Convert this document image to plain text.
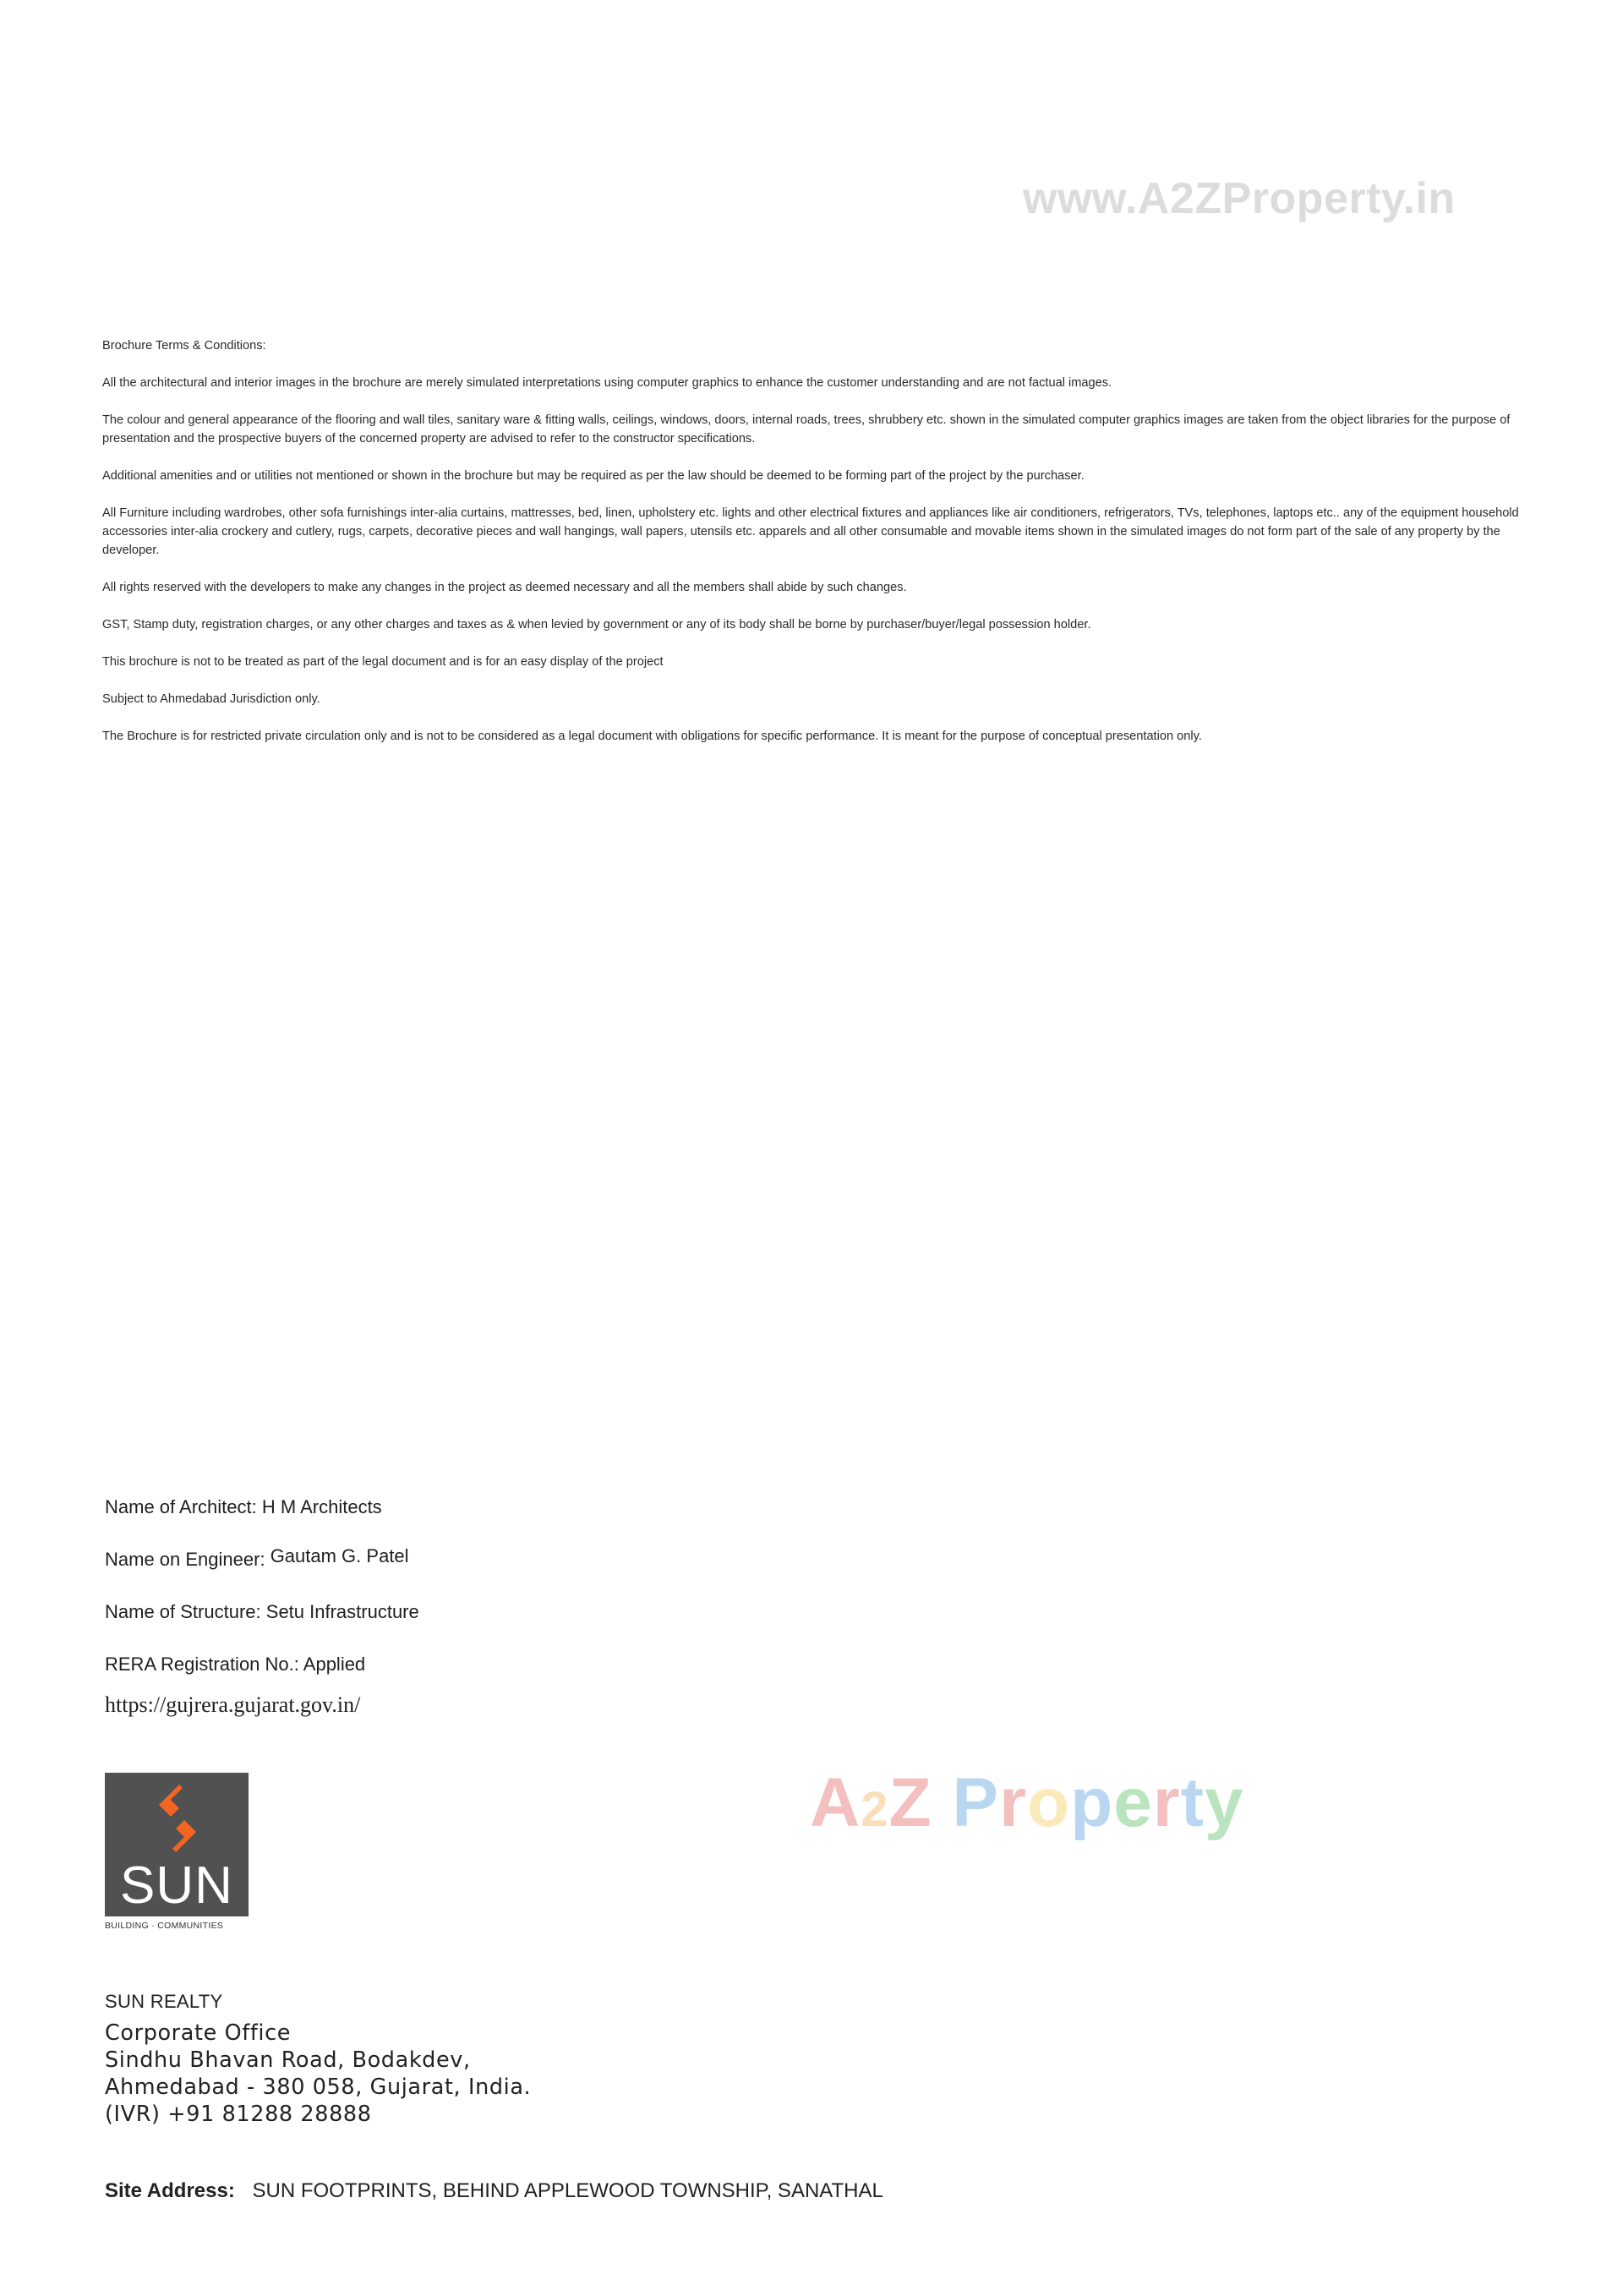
www.A2ZProperty.in

Brochure Terms & Conditions:

All the architectural and interior images in the brochure are merely simulated interpretations using computer graphics to enhance the customer understanding and are not factual images.

The colour and general appearance of the flooring and wall tiles, sanitary ware & fitting walls, ceilings, windows, doors, internal roads, trees, shrubbery etc. shown in the simulated computer graphics images are taken from the object libraries for the purpose of presentation and the prospective buyers of the concerned property are advised to refer to the constructor specifications.

Additional amenities and or utilities not mentioned or shown in the brochure but may be required as per the law should be deemed to be forming part of the project by the purchaser.

All Furniture including wardrobes, other sofa furnishings inter-alia curtains, mattresses, bed, linen, upholstery etc. lights and other electrical fixtures and appliances like air conditioners, refrigerators, TVs, telephones, laptops etc.. any of the equipment household accessories inter-alia crockery and cutlery, rugs, carpets, decorative pieces and wall hangings, wall papers, utensils etc. apparels and all other consumable and movable items shown in the simulated images do not form part of the sale of any property by the developer.

All rights reserved with the developers to make any changes in the project as deemed necessary and all the members shall abide by such changes.

GST, Stamp duty, registration charges, or any other charges and taxes as & when levied by government or any of its body shall be borne by purchaser/buyer/legal possession holder.

This brochure is not to be treated as part of the legal document and is for an easy display of the project

Subject to Ahmedabad Jurisdiction only.

The Brochure is for restricted private circulation only and is not to be considered as a legal document with obligations for specific performance. It is meant for the purpose of conceptual presentation only.

Name of Architect: H M Architects
Name on Engineer: Gautam G. Patel
Name of Structure: Setu Infrastructure
RERA Registration No.: Applied
https://gujrera.gujarat.gov.in/
SUN
BUILDING · COMMUNITIES
A2Z Property
SUN REALTY
Corporate Office
Sindhu Bhavan Road, Bodakdev,
Ahmedabad - 380 058, Gujarat, India.
(IVR) +91 81288 28888
Site Address: SUN FOOTPRINTS, BEHIND APPLEWOOD TOWNSHIP, SANATHAL
